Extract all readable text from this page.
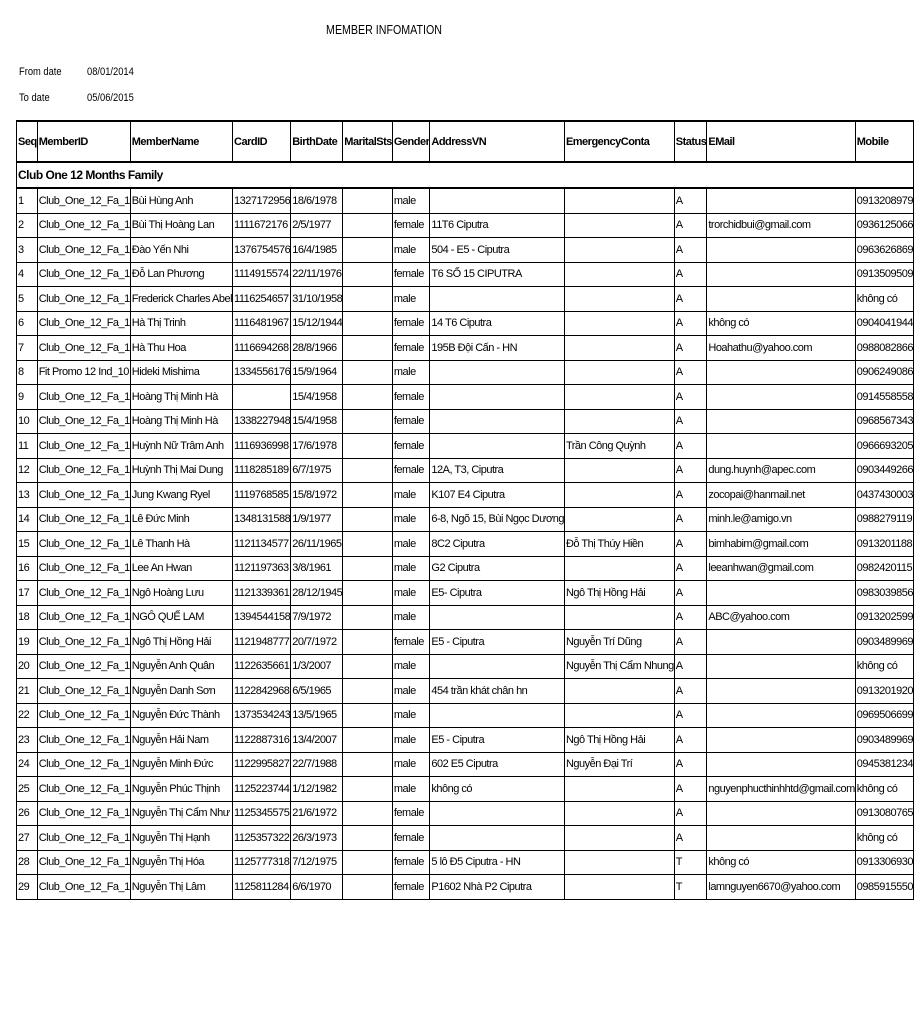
MEMBER INFOMATION
From date 08/01/2014
To date	05/06/2015
Seq	MemberID	MemberName	CardID	BirthDate	MaritalSts	Gender	AddressVN	EmergencyConta	Status	EMail	Mobile
Club One 12 Months Family											
1	Club_One_12_Fa_1	Bùi Hùng Anh	1327172956	18/6/1978		male			A		0913208979
2	Club_One_12_Fa_1	Bùi Thị Hoàng Lan	1111672176	2/5/1977		female	11T6 Ciputra		A	trorchidbui@gmail.com	0936125066
3	Club_One_12_Fa_1	Đào Yến Nhi	1376754576	16/4/1985		male	504 - E5 - Ciputra		A		0963626869
4	Club_One_12_Fa_1	Đỗ Lan Phương	1114915574	22/11/1976		female	T6 SỐ 15 CIPUTRA		A		0913509509
5	Club_One_12_Fa_1	Frederick Charles Abel	1116254657	31/10/1958		male			A		không có
6	Club_One_12_Fa_1	Hà Thị Trinh	1116481967	15/12/1944		female	14 T6 Ciputra		A	không có	0904041944
7	Club_One_12_Fa_1	Hà Thu Hoa	1116694268	28/8/1966		female	195B Đội Cấn - HN		A	Hoahathu@yahoo.com	0988082866
8	Fit Promo 12 Ind_10	Hideki Mishima	1334556176	15/9/1964		male			A		0906249086
9	Club_One_12_Fa_1	Hoàng Thị Minh Hà		15/4/1958		female			A		0914558558
10	Club_One_12_Fa_1	Hoàng Thị Minh Hà	1338227948	15/4/1958		female			A		0968567343
11	Club_One_12_Fa_1	Huỳnh Nữ Trâm Anh	1116936998	17/6/1978		female		Trần Công Quỳnh	A		0966693205
12	Club_One_12_Fa_1	Huỳnh Thị Mai Dung	1118285189	6/7/1975		female	12A, T3, Ciputra		A	dung.huynh@apec.com	0903449266
13	Club_One_12_Fa_1	Jung Kwang Ryel	1119768585	15/8/1972		male	K107 E4 Ciputra		A	zocopai@hanmail.net	0437430003
14	Club_One_12_Fa_1	Lê Đức Minh	1348131588	1/9/1977		male	6-8, Ngõ 15, Bùi Ngọc Dương		A	minh.le@amigo.vn	0988279119
15	Club_One_12_Fa_1	Lê Thanh Hà	1121134577	26/11/1965		male	8C2 Ciputra	Đỗ Thị Thúy Hiền	A	bimhabim@gmail.com	0913201188
16	Club_One_12_Fa_1	Lee An Hwan	1121197363	3/8/1961		male	G2 Ciputra		A	leeanhwan@gmail.com	0982420115
17	Club_One_12_Fa_1	Ngô Hoàng Lưu	1121339361	28/12/1945		male	E5- Ciputra	Ngô Thị Hồng Hải	A		0983039856
18	Club_One_12_Fa_1	NGÔ QUẾ LAM	1394544158	7/9/1972		male			A	ABC@yahoo.com	0913202599
19	Club_One_12_Fa_1	Ngô Thị Hồng Hải	1121948777	20/7/1972		female	E5 - Ciputra	Nguyễn Trí Dũng	A		0903489969
20	Club_One_12_Fa_1	Nguyễn Anh Quân	1122635661	1/3/2007		male		Nguyễn Thị Cẩm Nhung	A		không có
21	Club_One_12_Fa_1	Nguyễn Danh Sơn	1122842968	6/5/1965		male	454 trần khát chân hn		A		0913201920
22	Club_One_12_Fa_1	Nguyễn Đức Thành	1373534243	13/5/1965		male			A		0969506699
23	Club_One_12_Fa_1	Nguyễn Hải Nam	1122887316	13/4/2007		male	E5 - Ciputra	Ngô Thị Hồng Hải	A		0903489969
24	Club_One_12_Fa_1	Nguyễn Minh Đức	1122995827	22/7/1988		male	602 E5 Ciputra	Nguyễn Đại Trí	A		0945381234
25	Club_One_12_Fa_1	Nguyễn Phúc Thịnh	1125223744	1/12/1982		male	không có		A	nguyenphucthinhhtd@gmail.com	không có
26	Club_One_12_Fa_1	Nguyễn Thị Cẩm Như	1125345575	21/6/1972		female			A		0913080765
27	Club_One_12_Fa_1	Nguyễn Thị Hạnh	1125357322	26/3/1973		female			A		không có
28	Club_One_12_Fa_1	Nguyễn Thị Hóa	1125777318	7/12/1975		female	5 lô Đ5 Ciputra - HN		T	không có	0913306930
29	Club_One_12_Fa_1	Nguyễn Thị Lâm	1125811284	6/6/1970		female	P1602 Nhà P2 Ciputra		T	lamnguyen6670@yahoo.com	0985915550
